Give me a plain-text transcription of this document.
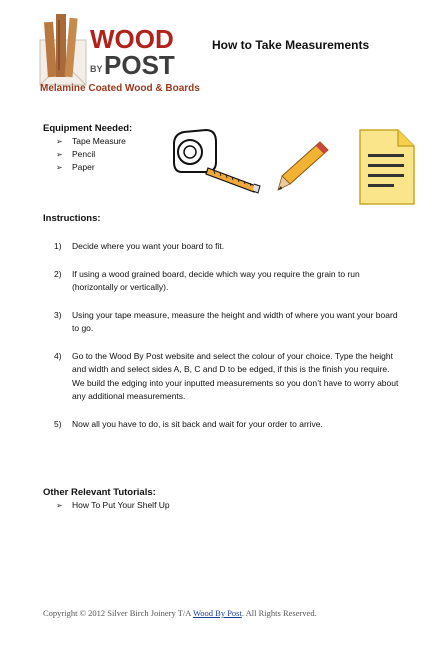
WOOD
BY POST
Melamine Coated Wood & Boards
How to Take Measurements
Equipment Needed:
➢ Tape Measure
➢ Pencil
➢ Paper
Instructions:
1) Decide where you want your board to fit.
2) If using a wood grained board, decide which way you require the grain to run (horizontally or vertically).
3) Using your tape measure, measure the height and width of where you want your board to go.
4) Go to the Wood By Post website and select the colour of your choice. Type the height and width and select sides A, B, C and D to be edged, if this is the finish you require. We build the edging into your inputted measurements so you don’t have to worry about any additional measurements.
5) Now all you have to do, is sit back and wait for your order to arrive.
Other Relevant Tutorials:
➢ How To Put Your Shelf Up
Copyright © 2012 Silver Birch Joinery T/A Wood By Post. All Rights Reserved.
